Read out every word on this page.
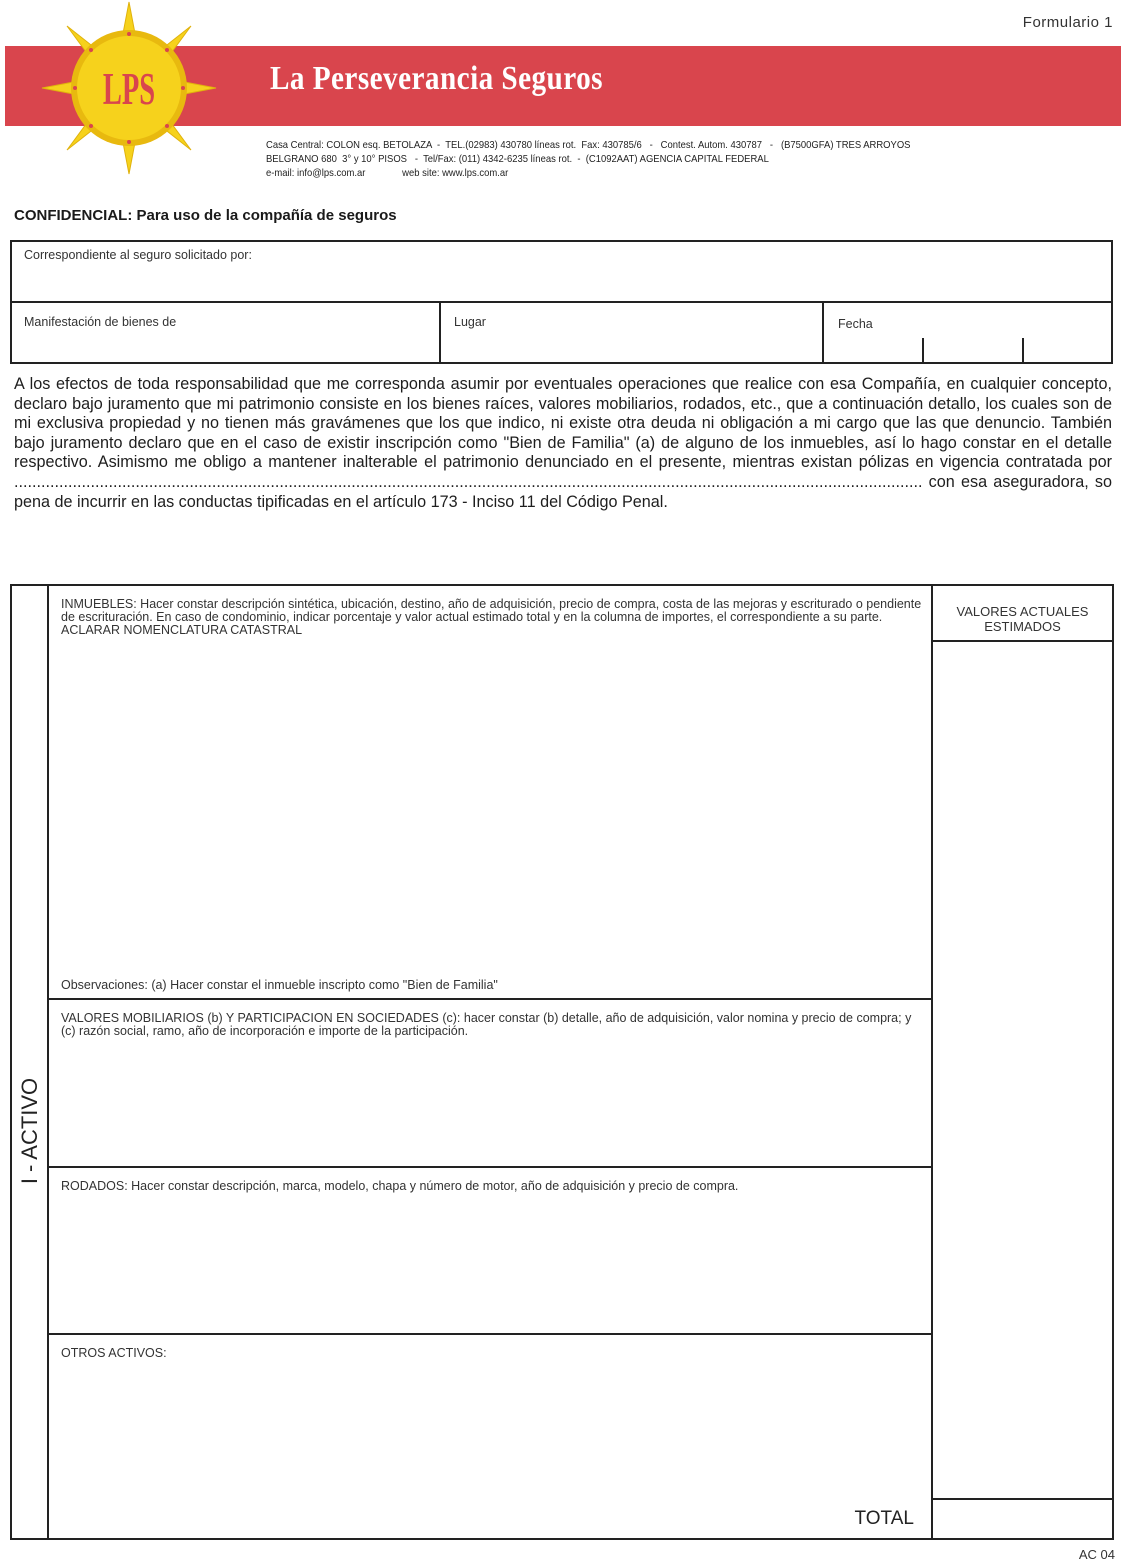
Formulario 1
La Perseverancia Seguros
LPS
Casa Central: COLON esq. BETOLAZA  -  TEL.(02983) 430780 líneas rot.  Fax: 430785/6   -   Contest. Autom. 430787   -   (B7500GFA) TRES ARROYOS
BELGRANO 680  3° y 10° PISOS   -  Tel/Fax: (011) 4342-6235 líneas rot.  -  (C1092AAT) AGENCIA CAPITAL FEDERAL
e-mail: info@lps.com.ar              web site: www.lps.com.ar
CONFIDENCIAL: Para uso de la compañía de seguros
Correspondiente al seguro solicitado por:
Manifestación de bienes de	Lugar	Fecha
A los efectos de toda responsabilidad que me corresponda asumir por eventuales operaciones que realice con esa Compañía, en cualquier concepto, declaro bajo juramento que mi patrimonio consiste en los bienes raíces, valores mobiliarios, rodados, etc., que a continuación detallo, los cuales son de mi exclusiva propiedad y no tienen más gravámenes que los que indico, ni existe otra deuda ni obligación a mi cargo que las que denuncio. También bajo juramento declaro que en el caso de existir inscripción como "Bien de Familia" (a) de alguno de los inmuebles, así lo hago constar en el detalle respectivo. Asimismo me obligo a mantener inalterable el patrimonio denunciado en el presente, mientras existan pólizas en vigencia contratada por .......................................................................................................................................................................................................... con esa aseguradora, so pena de incurrir en las conductas tipificadas en el artículo 173 - Inciso 11 del Código Penal.
I - ACTIVO
INMUEBLES: Hacer constar descripción sintética, ubicación, destino, año de adquisición, precio de compra, costa de las mejoras y escriturado o pendiente de escrituración. En caso de condominio, indicar porcentaje y valor actual estimado total y en la columna de importes, el correspondiente a su parte.
ACLARAR NOMENCLATURA CATASTRAL
Observaciones: (a) Hacer constar el inmueble inscripto como "Bien de Familia"
VALORES MOBILIARIOS (b) Y PARTICIPACION EN SOCIEDADES (c): hacer constar (b) detalle, año de adquisición, valor nomina y precio de compra; y (c) razón social, ramo, año de incorporación e importe de la participación.
RODADOS: Hacer constar descripción, marca, modelo, chapa y número de motor, año de adquisición y precio de compra.
OTROS ACTIVOS:
TOTAL
VALORES ACTUALES ESTIMADOS
AC 04
